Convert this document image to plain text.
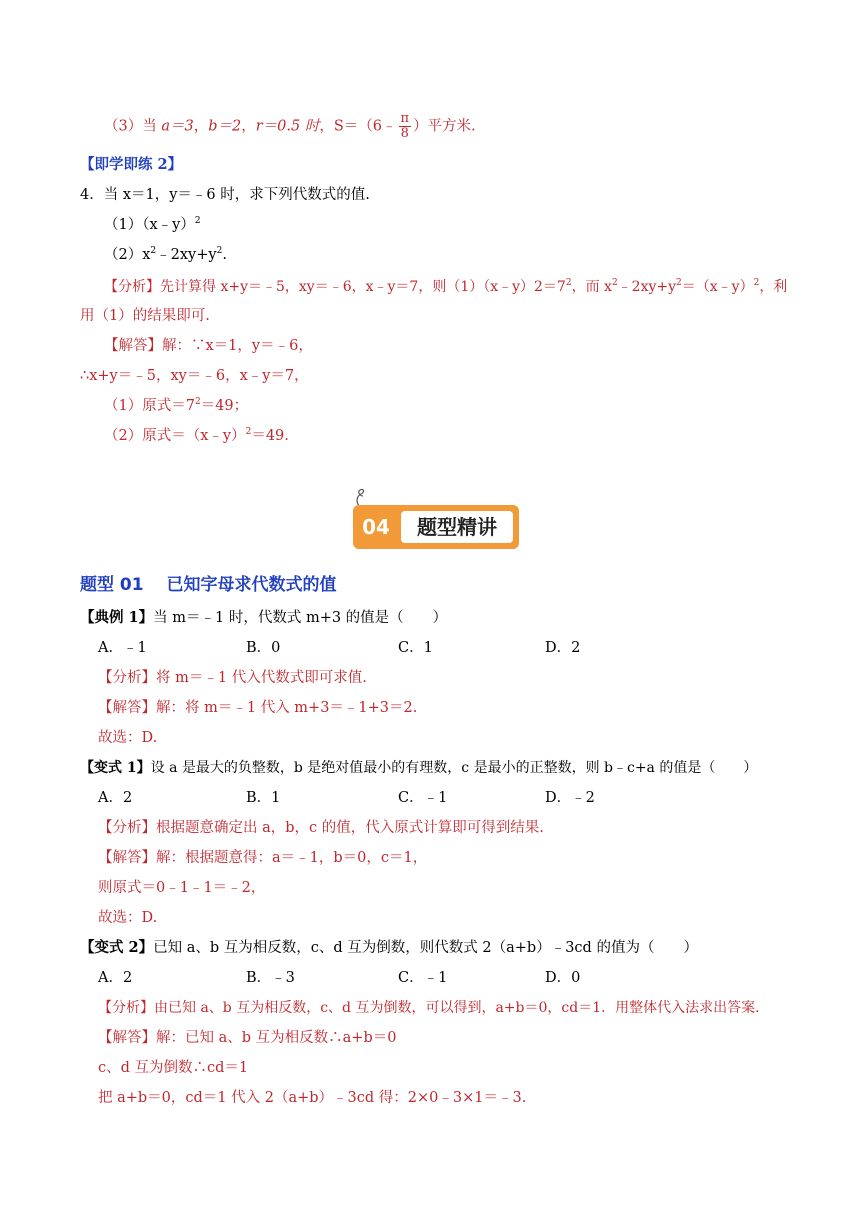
（3）当 a＝3，b＝2，r＝0.5 时，S＝（6﹣ $\frac{\pi}{8}$ ）平方米.
【即学即练 2】
4．当 x＝1，y＝﹣6 时，求下列代数式的值.
（1）（x﹣y）$^2$
$(2)x^2﹣2xy+y^2$.
【分析】先计算得 x+y＝﹣5，xy＝﹣6，x﹣y＝7，则$(1)(x﹣y)2=7^2$，而 $x^2﹣2xy+y^2=(x﹣y)^2$，利
用（1）的结果即可.
【解答】解：∵x＝1，y＝﹣6，
∴x+y＝﹣5，xy＝﹣6，x﹣y＝7，
（1）原式$=7^2=49$；
（2）原式＝（x﹣y）$^2$＝49.
04	题型精讲
题型 01　 已知字母求代数式的值
【典例 1】当 m＝﹣1 时，代数式 m+3 的值是（　　）
A．﹣1	B．0	C．1	D．2
【分析】将 m＝﹣1 代入代数式即可求值.
【解答】解：将 m＝﹣1 代入 m+3＝﹣1+3＝2.
故选：D.
【变式 1】设 a 是最大的负整数，b 是绝对值最小的有理数，c 是最小的正整数，则 b﹣c+a 的值是（　　）
A．2	B．1	C．﹣1	D．﹣2
【分析】根据题意确定出 a，b，c 的值，代入原式计算即可得到结果.
【解答】解：根据题意得：a＝﹣1，b＝0，c＝1，
则原式＝0﹣1﹣1＝﹣2，
故选：D.
【变式 2】已知 a、b 互为相反数，c、d 互为倒数，则代数式 2（a+b）﹣3cd 的值为（　　）
A．2	B．﹣3	C．﹣1	D．0
【分析】由已知 a、b 互为相反数，c、d 互为倒数，可以得到，a+b＝0，cd＝1．用整体代入法求出答案.
【解答】解：已知 a、b 互为相反数∴a+b＝0
c、d 互为倒数∴cd＝1
把 a+b＝0，cd＝1 代入 2（a+b）﹣3cd 得：2×0﹣3×1＝﹣3.
